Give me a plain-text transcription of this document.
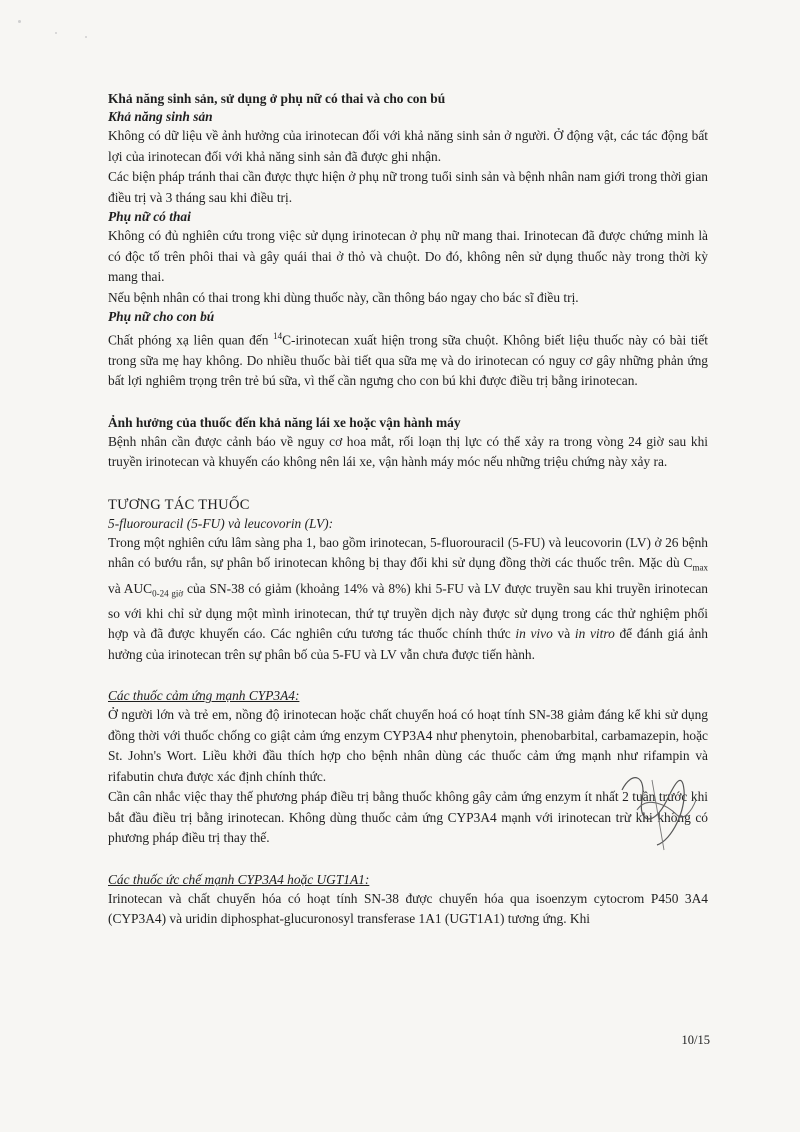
Khả năng sinh sản, sử dụng ở phụ nữ có thai và cho con bú

Khả năng sinh sản

Không có dữ liệu về ảnh hưởng của irinotecan đối với khả năng sinh sản ở người. Ở động vật, các tác động bất lợi của irinotecan đối với khả năng sinh sản đã được ghi nhận.

Các biện pháp tránh thai cần được thực hiện ở phụ nữ trong tuổi sinh sản và bệnh nhân nam giới trong thời gian điều trị và 3 tháng sau khi điều trị.

Phụ nữ có thai

Không có đủ nghiên cứu trong việc sử dụng irinotecan ở phụ nữ mang thai. Irinotecan đã được chứng minh là có độc tố trên phôi thai và gây quái thai ở thỏ và chuột. Do đó, không nên sử dụng thuốc này trong thời kỳ mang thai.

Nếu bệnh nhân có thai trong khi dùng thuốc này, cần thông báo ngay cho bác sĩ điều trị.

Phụ nữ cho con bú

Chất phóng xạ liên quan đến $^{14}$C-irinotecan xuất hiện trong sữa chuột. Không biết liệu thuốc này có bài tiết trong sữa mẹ hay không. Do nhiều thuốc bài tiết qua sữa mẹ và do irinotecan có nguy cơ gây những phản ứng bất lợi nghiêm trọng trên trẻ bú sữa, vì thế cần ngưng cho con bú khi được điều trị bằng irinotecan.

Ảnh hưởng của thuốc đến khả năng lái xe hoặc vận hành máy

Bệnh nhân cần được cảnh báo về nguy cơ hoa mắt, rối loạn thị lực có thể xảy ra trong vòng 24 giờ sau khi truyền irinotecan và khuyến cáo không nên lái xe, vận hành máy móc nếu những triệu chứng này xảy ra.

TƯƠNG TÁC THUỐC

5-fluorouracil (5-FU) và leucovorin (LV):

Trong một nghiên cứu lâm sàng pha 1, bao gồm irinotecan, 5-fluorouracil (5-FU) và leucovorin (LV) ở 26 bệnh nhân có bướu rắn, sự phân bố irinotecan không bị thay đổi khi sử dụng đồng thời các thuốc trên. Mặc dù $C_{max}$ và $AUC_{0-24 giờ}$ của SN-38 có giảm (khoảng 14% và 8%) khi 5-FU và LV được truyền sau khi truyền irinotecan so với khi chỉ sử dụng một mình irinotecan, thứ tự truyền dịch này được sử dụng trong các thử nghiệm phối hợp và đã được khuyến cáo. Các nghiên cứu tương tác thuốc chính thức in vivo và in vitro để đánh giá ảnh hưởng của irinotecan trên sự phân bố của 5-FU và LV vẫn chưa được tiến hành.

Các thuốc cảm ứng mạnh CYP3A4:

Ở người lớn và trẻ em, nồng độ irinotecan hoặc chất chuyển hoá có hoạt tính SN-38 giảm đáng kể khi sử dụng đồng thời với thuốc chống co giật cảm ứng enzym CYP3A4 như phenytoin, phenobarbital, carbamazepin, hoặc St. John's Wort. Liều khởi đầu thích hợp cho bệnh nhân dùng các thuốc cảm ứng mạnh như rifampin và rifabutin chưa được xác định chính thức.

Cần cân nhắc việc thay thế phương pháp điều trị bằng thuốc không gây cảm ứng enzym ít nhất 2 tuần trước khi bắt đầu điều trị bằng irinotecan. Không dùng thuốc cảm ứng CYP3A4 mạnh với irinotecan trừ khi không có phương pháp điều trị thay thế.

Các thuốc ức chế mạnh CYP3A4 hoặc UGT1A1:

Irinotecan và chất chuyển hóa có hoạt tính SN-38 được chuyển hóa qua isoenzym cytocrom P450 3A4 (CYP3A4) và uridin diphosphat-glucuronosyl transferase 1A1 (UGT1A1) tương ứng. Khi

10/15
